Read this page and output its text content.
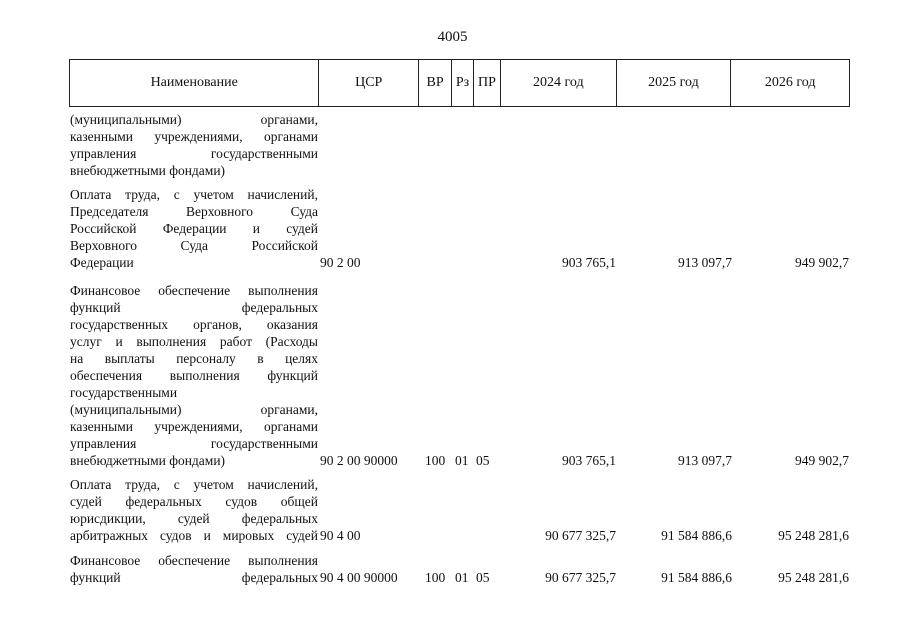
4005
Наименование	ЦСР	ВР Рз ПР	2024 год	2025 год	2026 год
(муниципальными) органами,
казенными учреждениями, органами
управления государственными
внебюджетными фондами)
Оплата труда, с учетом начислений,
Председателя Верховного Суда
Российской Федерации и судей
Верховного Суда Российской
Федерации	90 2 00	903 765,1	913 097,7	949 902,7
Финансовое обеспечение выполнения
функций федеральных
государственных органов, оказания
услуг и выполнения работ (Расходы
на выплаты персоналу в целях
обеспечения выполнения функций
государственными
(муниципальными) органами,
казенными учреждениями, органами
управления государственными
внебюджетными фондами)	90 2 00 90000	100 01 05	903 765,1	913 097,7	949 902,7
Оплата труда, с учетом начислений,
судей федеральных судов общей
юрисдикции, судей федеральных
арбитражных судов и мировых судей 90 4 00	90 677 325,7	91 584 886,6	95 248 281,6
Финансовое обеспечение выполнения
функций федеральных 90 4 00 90000	100 01 05	90 677 325,7	91 584 886,6	95 248 281,6
